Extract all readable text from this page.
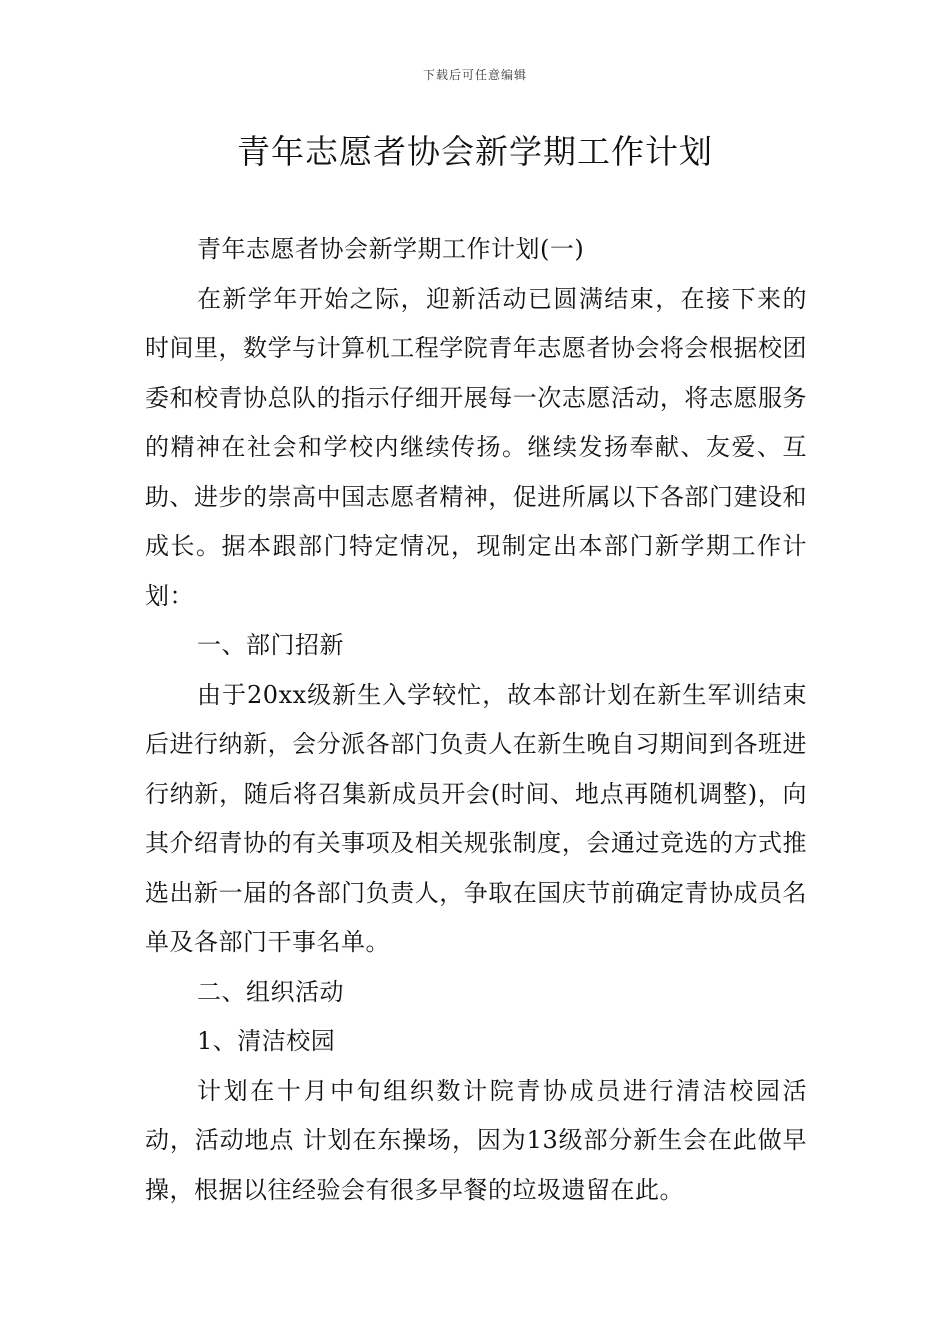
下载后可任意编辑
青年志愿者协会新学期工作计划

青年志愿者协会新学期工作计划(一)

在新学年开始之际，迎新活动已圆满结束，在接下来的时间里，数学与计算机工程学院青年志愿者协会将会根据校团委和校青协总队的指示仔细开展每一次志愿活动，将志愿服务的精神在社会和学校内继续传扬。继续发扬奉献、友爱、互助、进步的崇高中国志愿者精神，促进所属以下各部门建设和成长。据本跟部门特定情况，现制定出本部门新学期工作计划：

一、部门招新

由于20xx级新生入学较忙，故本部计划在新生军训结束后进行纳新，会分派各部门负责人在新生晚自习期间到各班进行纳新，随后将召集新成员开会(时间、地点再随机调整)，向其介绍青协的有关事项及相关规张制度，会通过竞选的方式推选出新一届的各部门负责人，争取在国庆节前确定青协成员名单及各部门干事名单。

二、组织活动

1、清洁校园

计划在十月中旬组织数计院青协成员进行清洁校园活动，活动地点 计划在东操场，因为13级部分新生会在此做早操，根据以往经验会有很多早餐的垃圾遗留在此。
